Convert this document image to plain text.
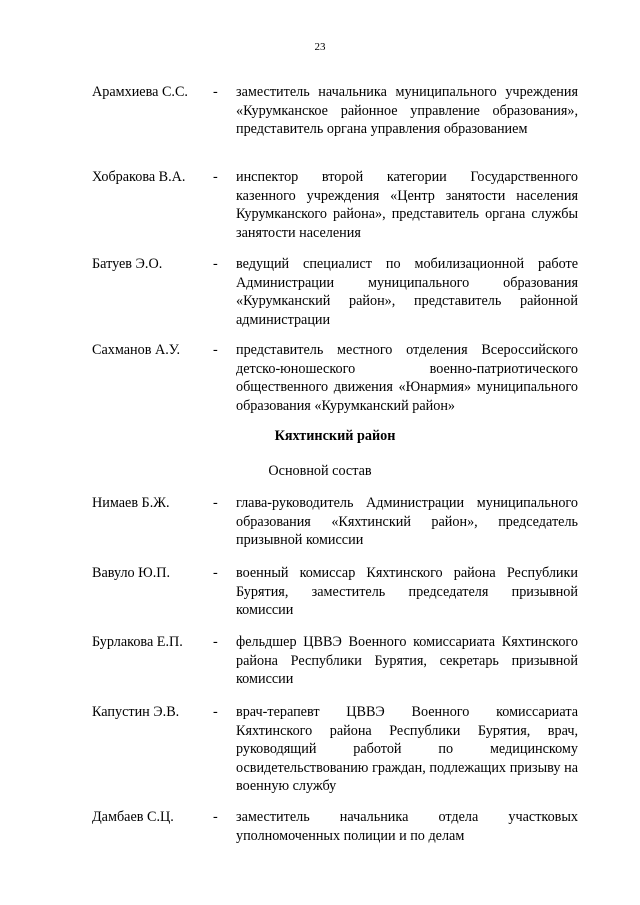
23
Арамхиева С.С. - заместитель начальника муниципального учреждения «Курумканское районное управление образования», представитель органа управления образованием
Хобракова В.А. - инспектор второй категории Государственного казенного учреждения «Центр занятости населения Курумканского района», представитель органа службы занятости населения
Батуев Э.О.	- ведущий специалист по мобилизационной работе Администрации муниципального образования «Курумканский район», представитель районной администрации
Сахманов А.У. - представитель местного отделения Всероссийского детско-юношеского военно-патриотического общественного движения «Юнармия» муниципального образования «Курумканский район»
Кяхтинский район
Основной состав
Нимаев Б.Ж.	- глава-руководитель Администрации муниципального образования «Кяхтинский район», председатель призывной комиссии
Вавуло Ю.П.	- военный комиссар Кяхтинского района Республики Бурятия, заместитель председателя призывной комиссии
Бурлакова Е.П. - фельдшер ЦВВЭ Военного комиссариата Кяхтинского района Республики Бурятия, секретарь призывной комиссии
Капустин Э.В. - врач-терапевт ЦВВЭ Военного комиссариата Кяхтинского района Республики Бурятия, врач, руководящий работой по медицинскому освидетельствованию граждан, подлежащих призыву на военную службу
Дамбаев С.Ц.	- заместитель начальника отдела участковых уполномоченных полиции и по делам
